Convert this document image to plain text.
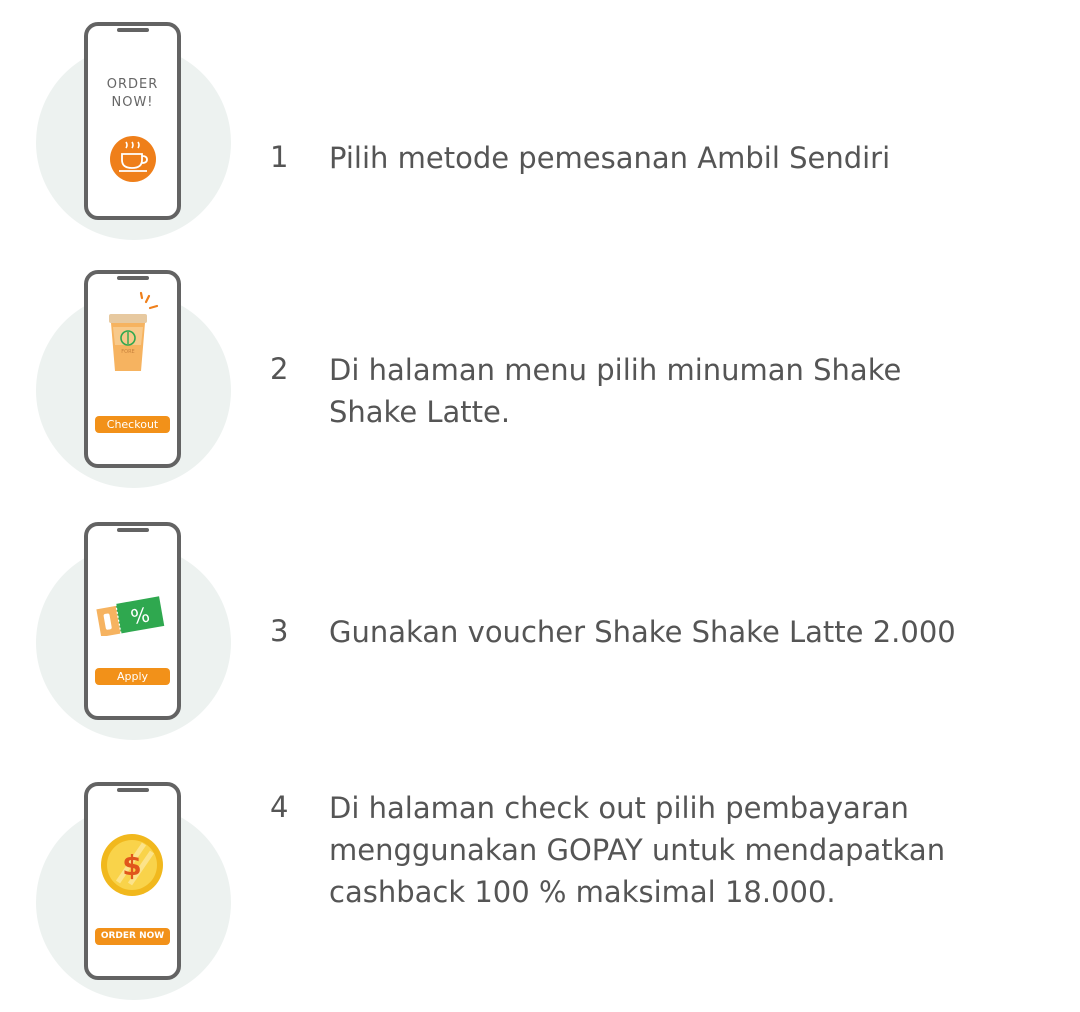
ORDER
NOW!
1 Pilih metode pemesanan Ambil Sendiri
FORE
Checkout
2 Di halaman menu pilih minuman Shake Shake Latte.
%
Apply
3 Gunakan voucher Shake Shake Latte 2.000
$
ORDER NOW
4 Di halaman check out pilih pembayaran menggunakan GOPAY untuk mendapatkan cashback 100 % maksimal 18.000.
